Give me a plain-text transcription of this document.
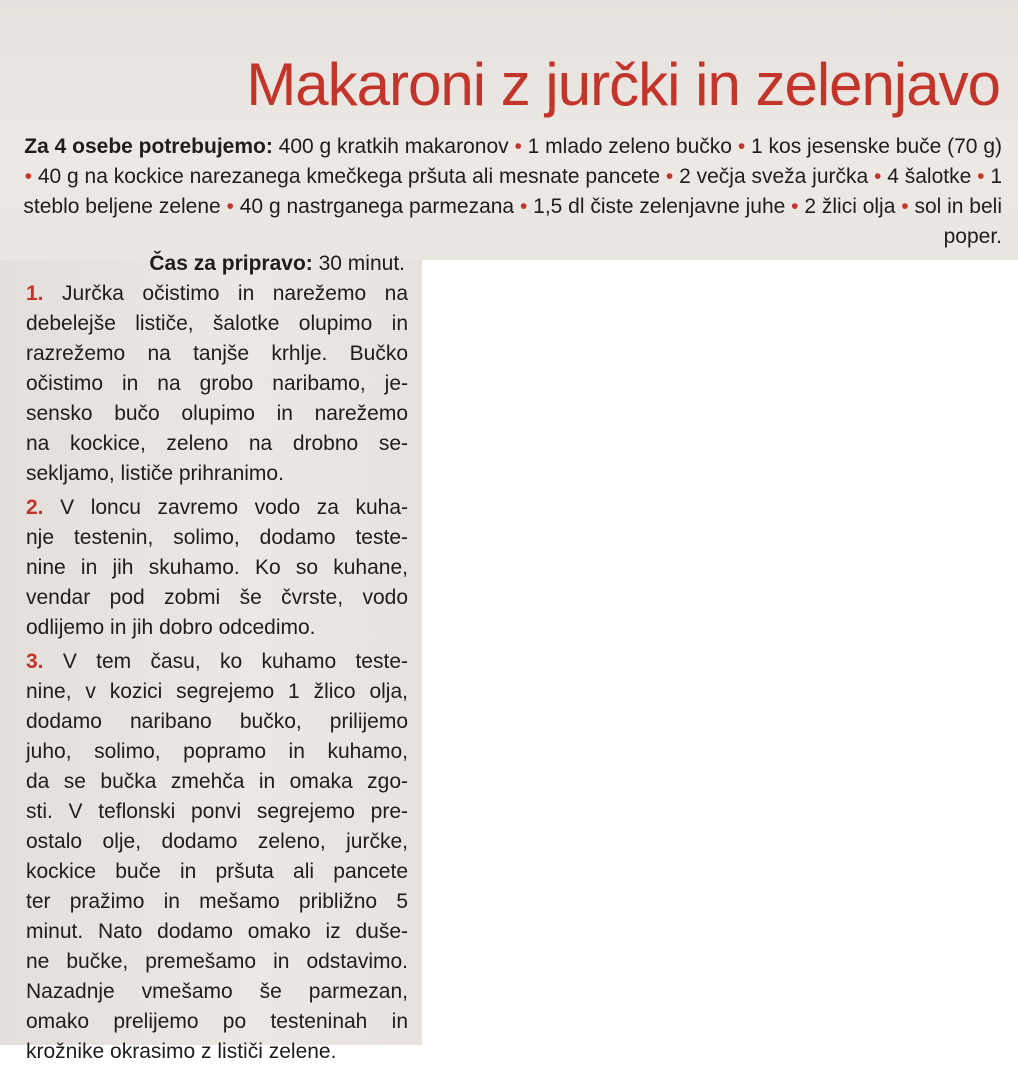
Makaroni z jurčki in zelenjavo
Za 4 osebe potrebujemo: 400 g kratkih makaronov • 1 mlado zeleno bučko • 1 kos jesenske buče (70 g) • 40 g na kockice narezanega kmečkega pršuta ali mesnate pancete • 2 večja sveža jurčka • 4 šalotke • 1 steblo beljene zelene • 40 g nastrganega parmezana • 1,5 dl čiste zelenjavne juhe • 2 žlici olja • sol in beli poper.
Čas za pripravo: 30 minut.
1. Jurčka očistimo in narežemo na
debelejše lističe, šalotke olupimo in
razrežemo na tanjše krhlje. Bučko
očistimo in na grobo naribamo, je-
sensko bučo olupimo in narežemo
na kockice, zeleno na drobno se-
sekljamo, lističe prihranimo.
2. V loncu zavremo vodo za kuha-
nje testenin, solimo, dodamo teste-
nine in jih skuhamo. Ko so kuhane,
vendar pod zobmi še čvrste, vodo
odlijemo in jih dobro odcedimo.
3. V tem času, ko kuhamo teste-
nine, v kozici segrejemo 1 žlico olja,
dodamo naribano bučko, prilijemo
juho, solimo, popramo in kuhamo,
da se bučka zmehča in omaka zgo-
sti. V teflonski ponvi segrejemo pre-
ostalo olje, dodamo zeleno, jurčke,
kockice buče in pršuta ali pancete
ter pražimo in mešamo približno 5
minut. Nato dodamo omako iz duše-
ne bučke, premešamo in odstavimo.
Nazadnje vmešamo še parmezan,
omako prelijemo po testeninah in
krožnike okrasimo z lističi zelene.
